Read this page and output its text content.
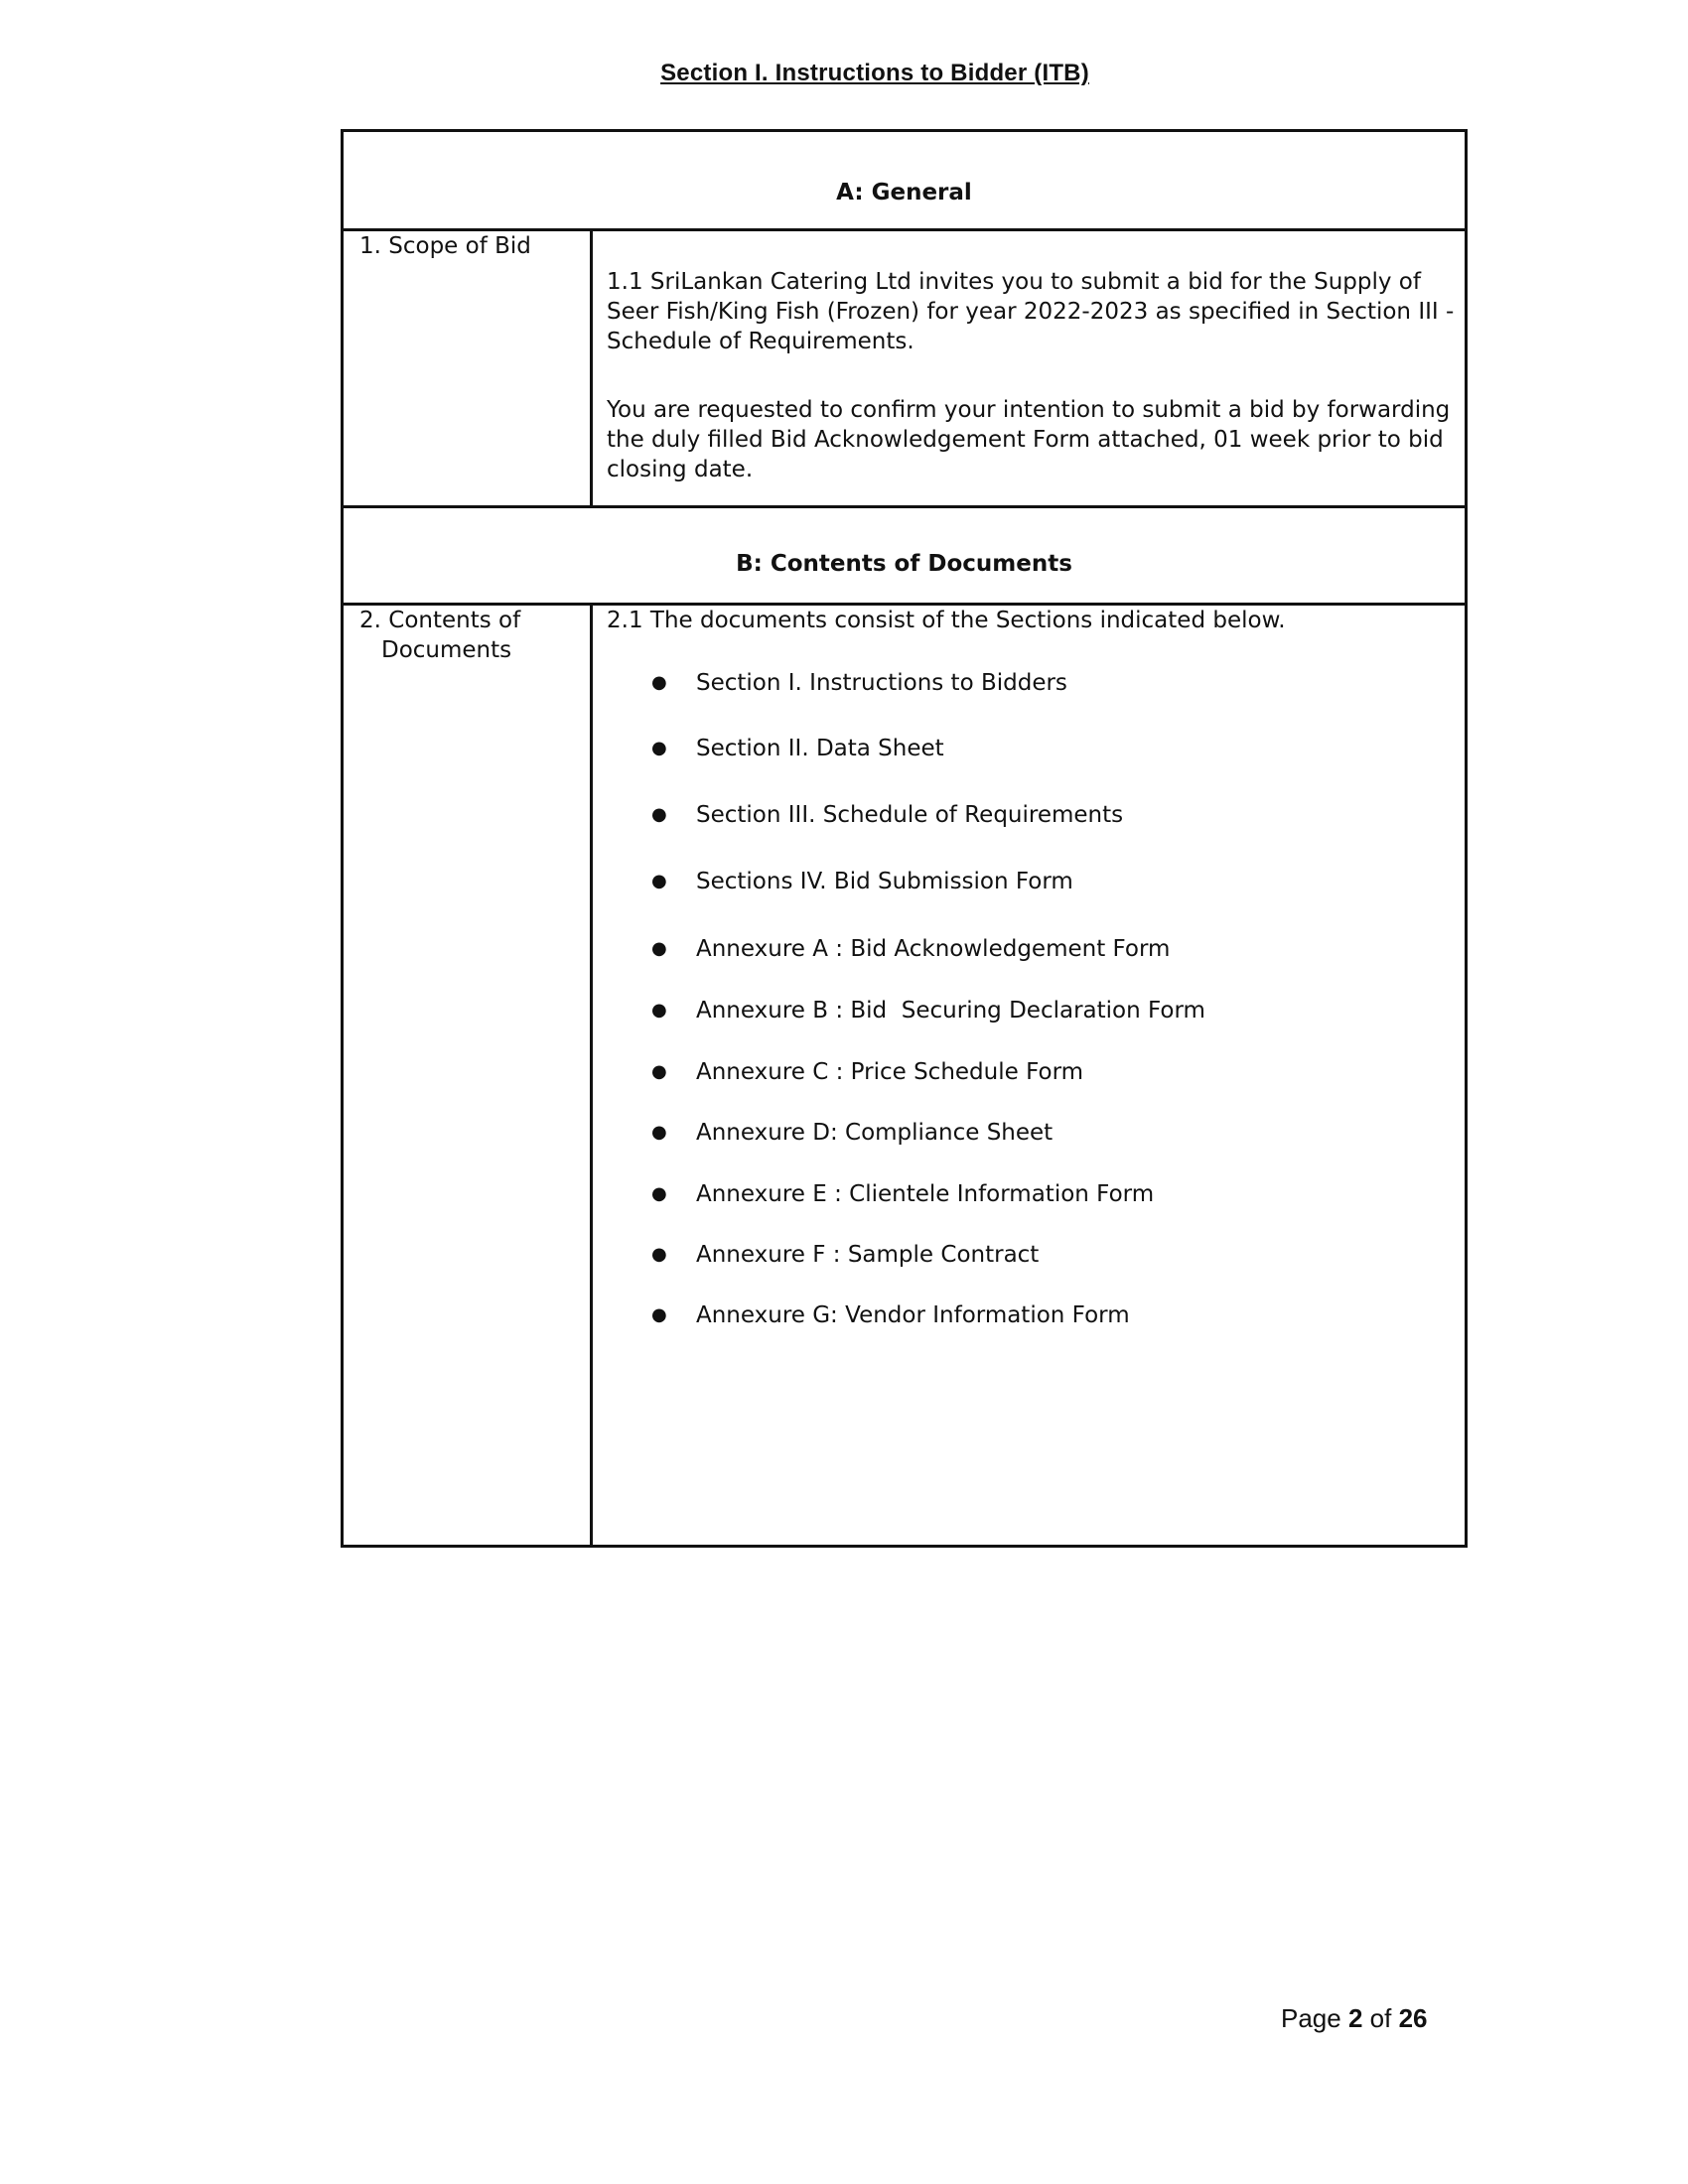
Section I. Instructions to Bidder (ITB)
A: General
1. Scope of Bid
1.1 SriLankan Catering Ltd invites you to submit a bid for the Supply of Seer Fish/King Fish (Frozen) for year 2022-2023 as specified in Section III - Schedule of Requirements.
You are requested to confirm your intention to submit a bid by forwarding the duly filled Bid Acknowledgement Form attached, 01 week prior to bid closing date.
B: Contents of Documents
2. Contents of
Documents
2.1 The documents consist of the Sections indicated below.
● Section I. Instructions to Bidders
● Section II. Data Sheet
● Section III. Schedule of Requirements
● Sections IV. Bid Submission Form
● Annexure A : Bid Acknowledgement Form
● Annexure B : Bid  Securing Declaration Form
● Annexure C : Price Schedule Form
● Annexure D: Compliance Sheet
● Annexure E : Clientele Information Form
● Annexure F : Sample Contract
● Annexure G: Vendor Information Form
Page 2 of 26
